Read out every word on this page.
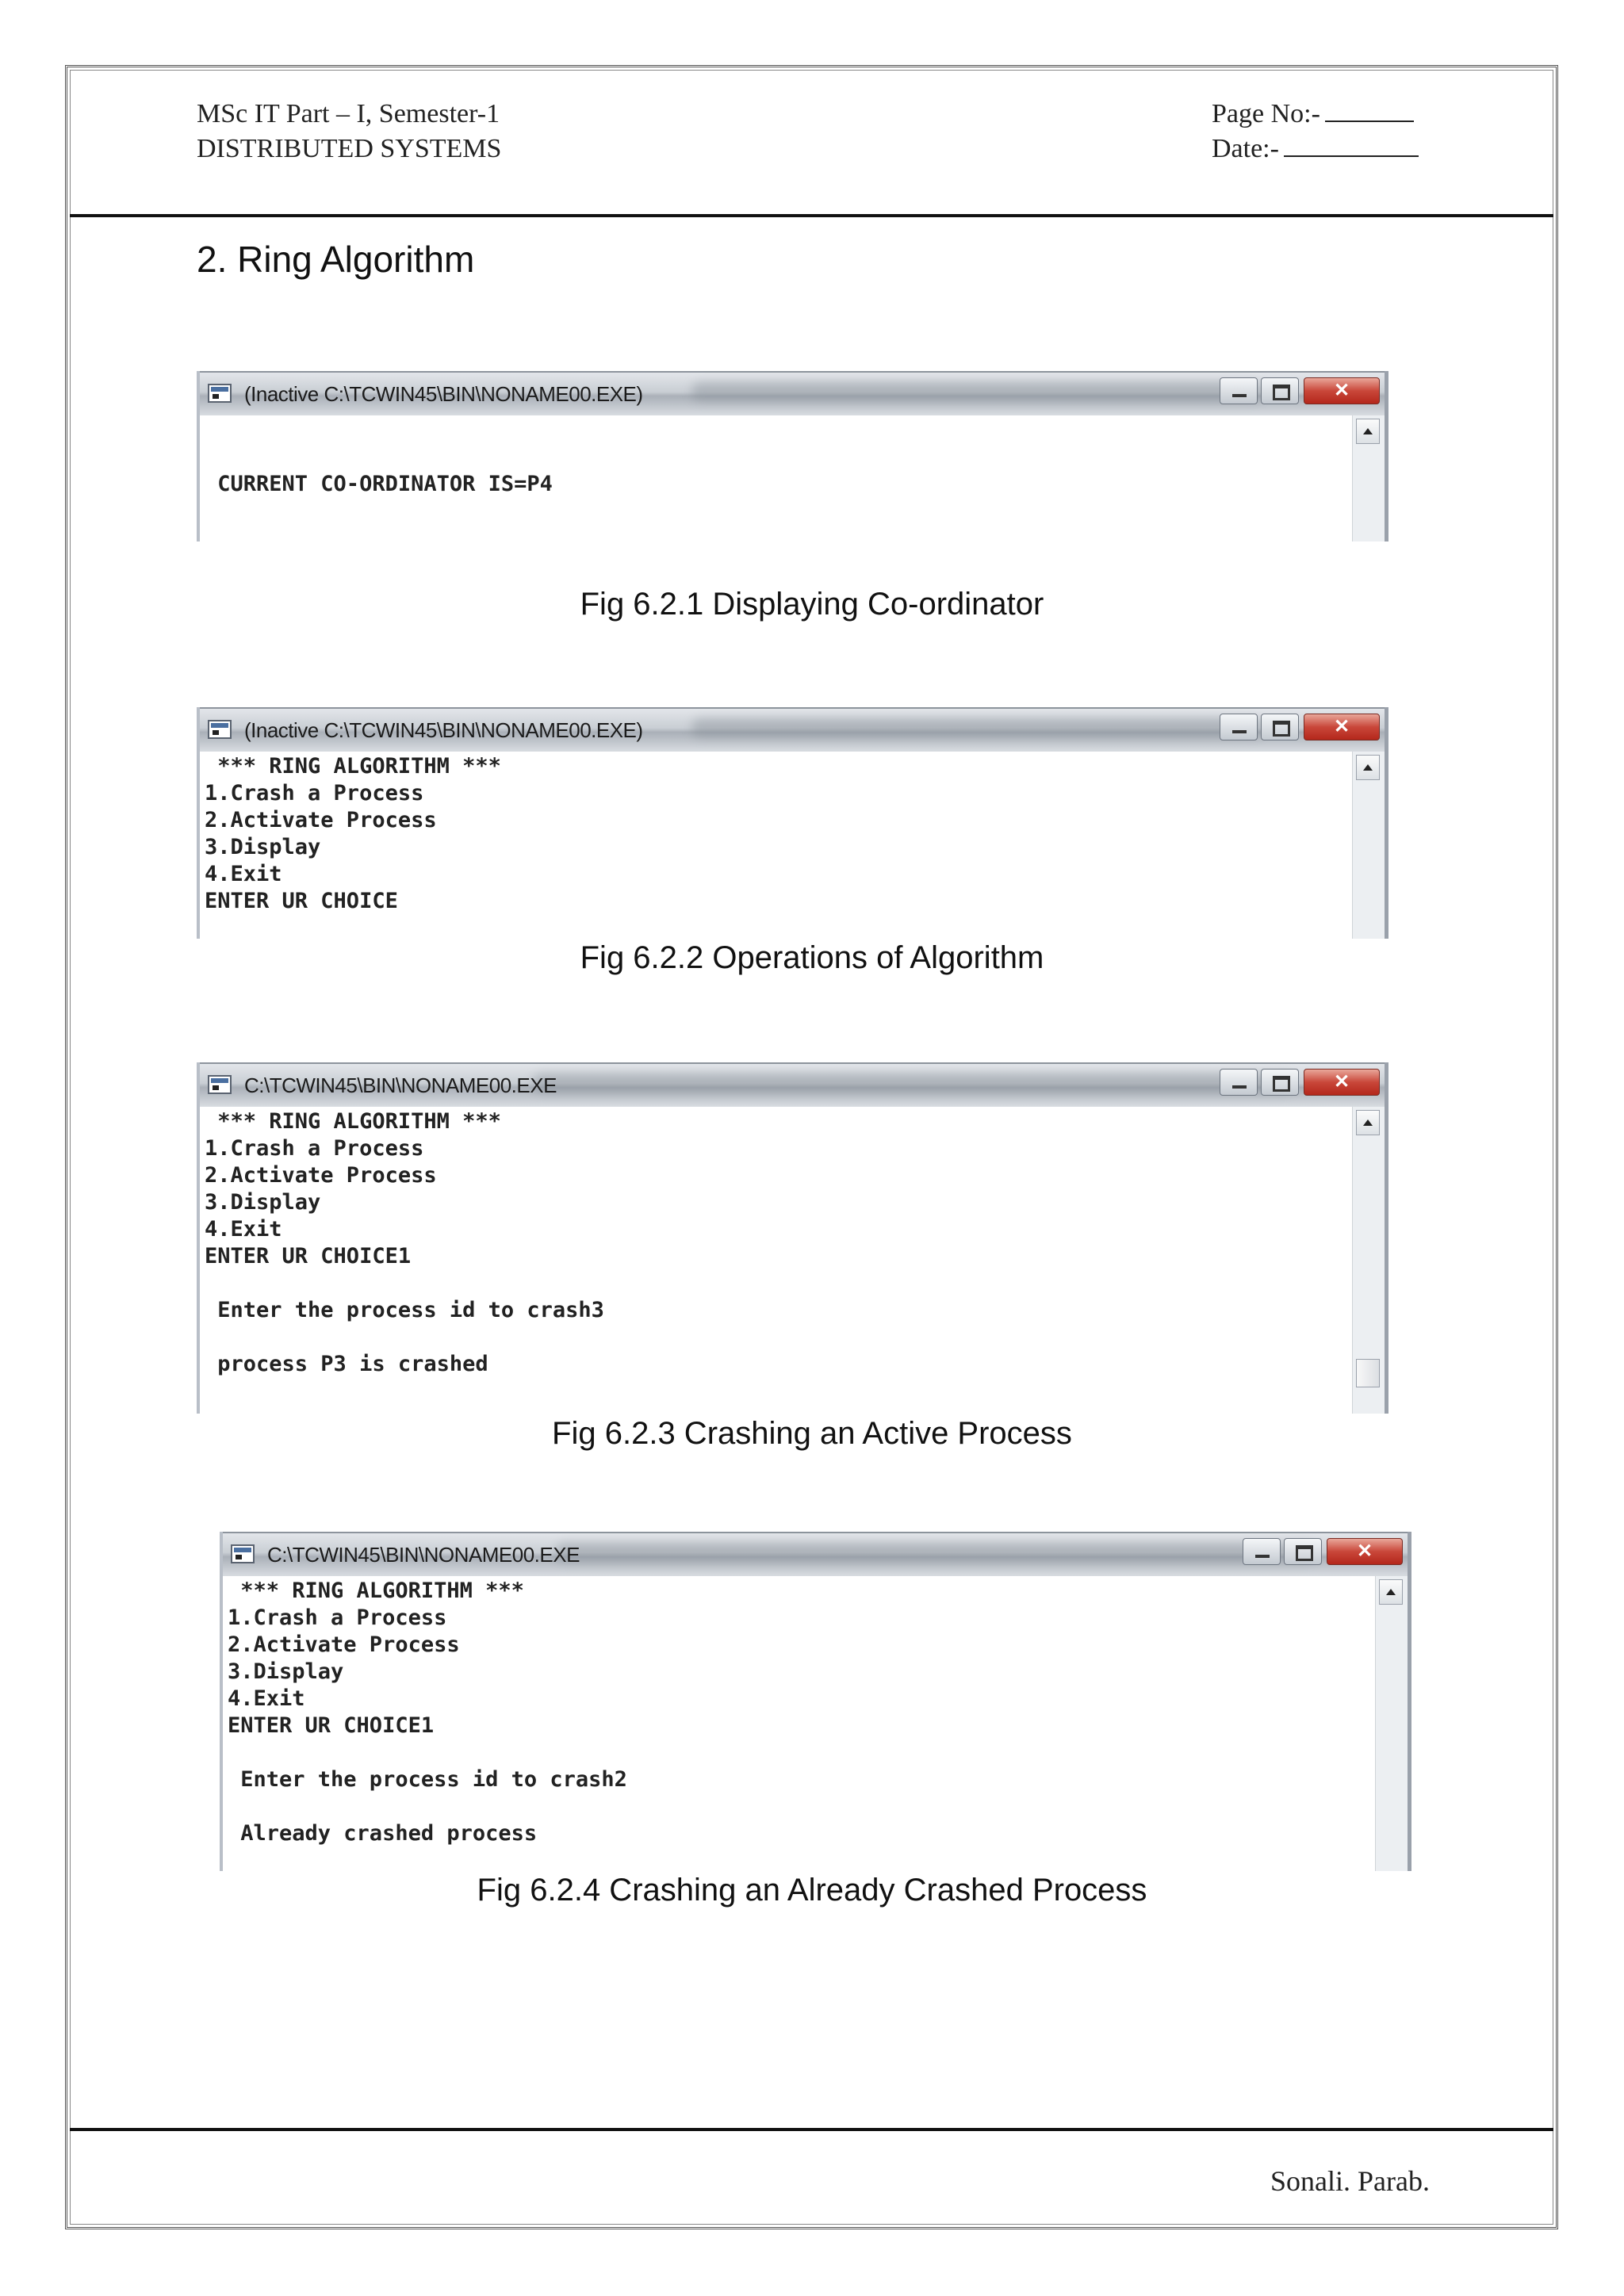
MSc IT Part – I, Semester-1
DISTRIBUTED SYSTEMS
Page No:-
Date:-
2. Ring Algorithm
(Inactive C:\TCWIN45\BIN\NONAME00.EXE)
✕

CURRENT CO-ORDINATOR IS=P4
Fig 6.2.1 Displaying Co-ordinator
(Inactive C:\TCWIN45\BIN\NONAME00.EXE)
✕
*** RING ALGORITHM ***
1.Crash a Process
2.Activate Process
3.Display
4.Exit
ENTER UR CHOICE
Fig 6.2.2 Operations of Algorithm
C:\TCWIN45\BIN\NONAME00.EXE
✕
*** RING ALGORITHM ***
1.Crash a Process
2.Activate Process
3.Display
4.Exit
ENTER UR CHOICE1

Enter the process id to crash3

process P3 is crashed
Fig 6.2.3 Crashing an Active Process
C:\TCWIN45\BIN\NONAME00.EXE
✕
*** RING ALGORITHM ***
1.Crash a Process
2.Activate Process
3.Display
4.Exit
ENTER UR CHOICE1

Enter the process id to crash2

Already crashed process
Fig 6.2.4 Crashing an Already Crashed Process
Sonali. Parab.
